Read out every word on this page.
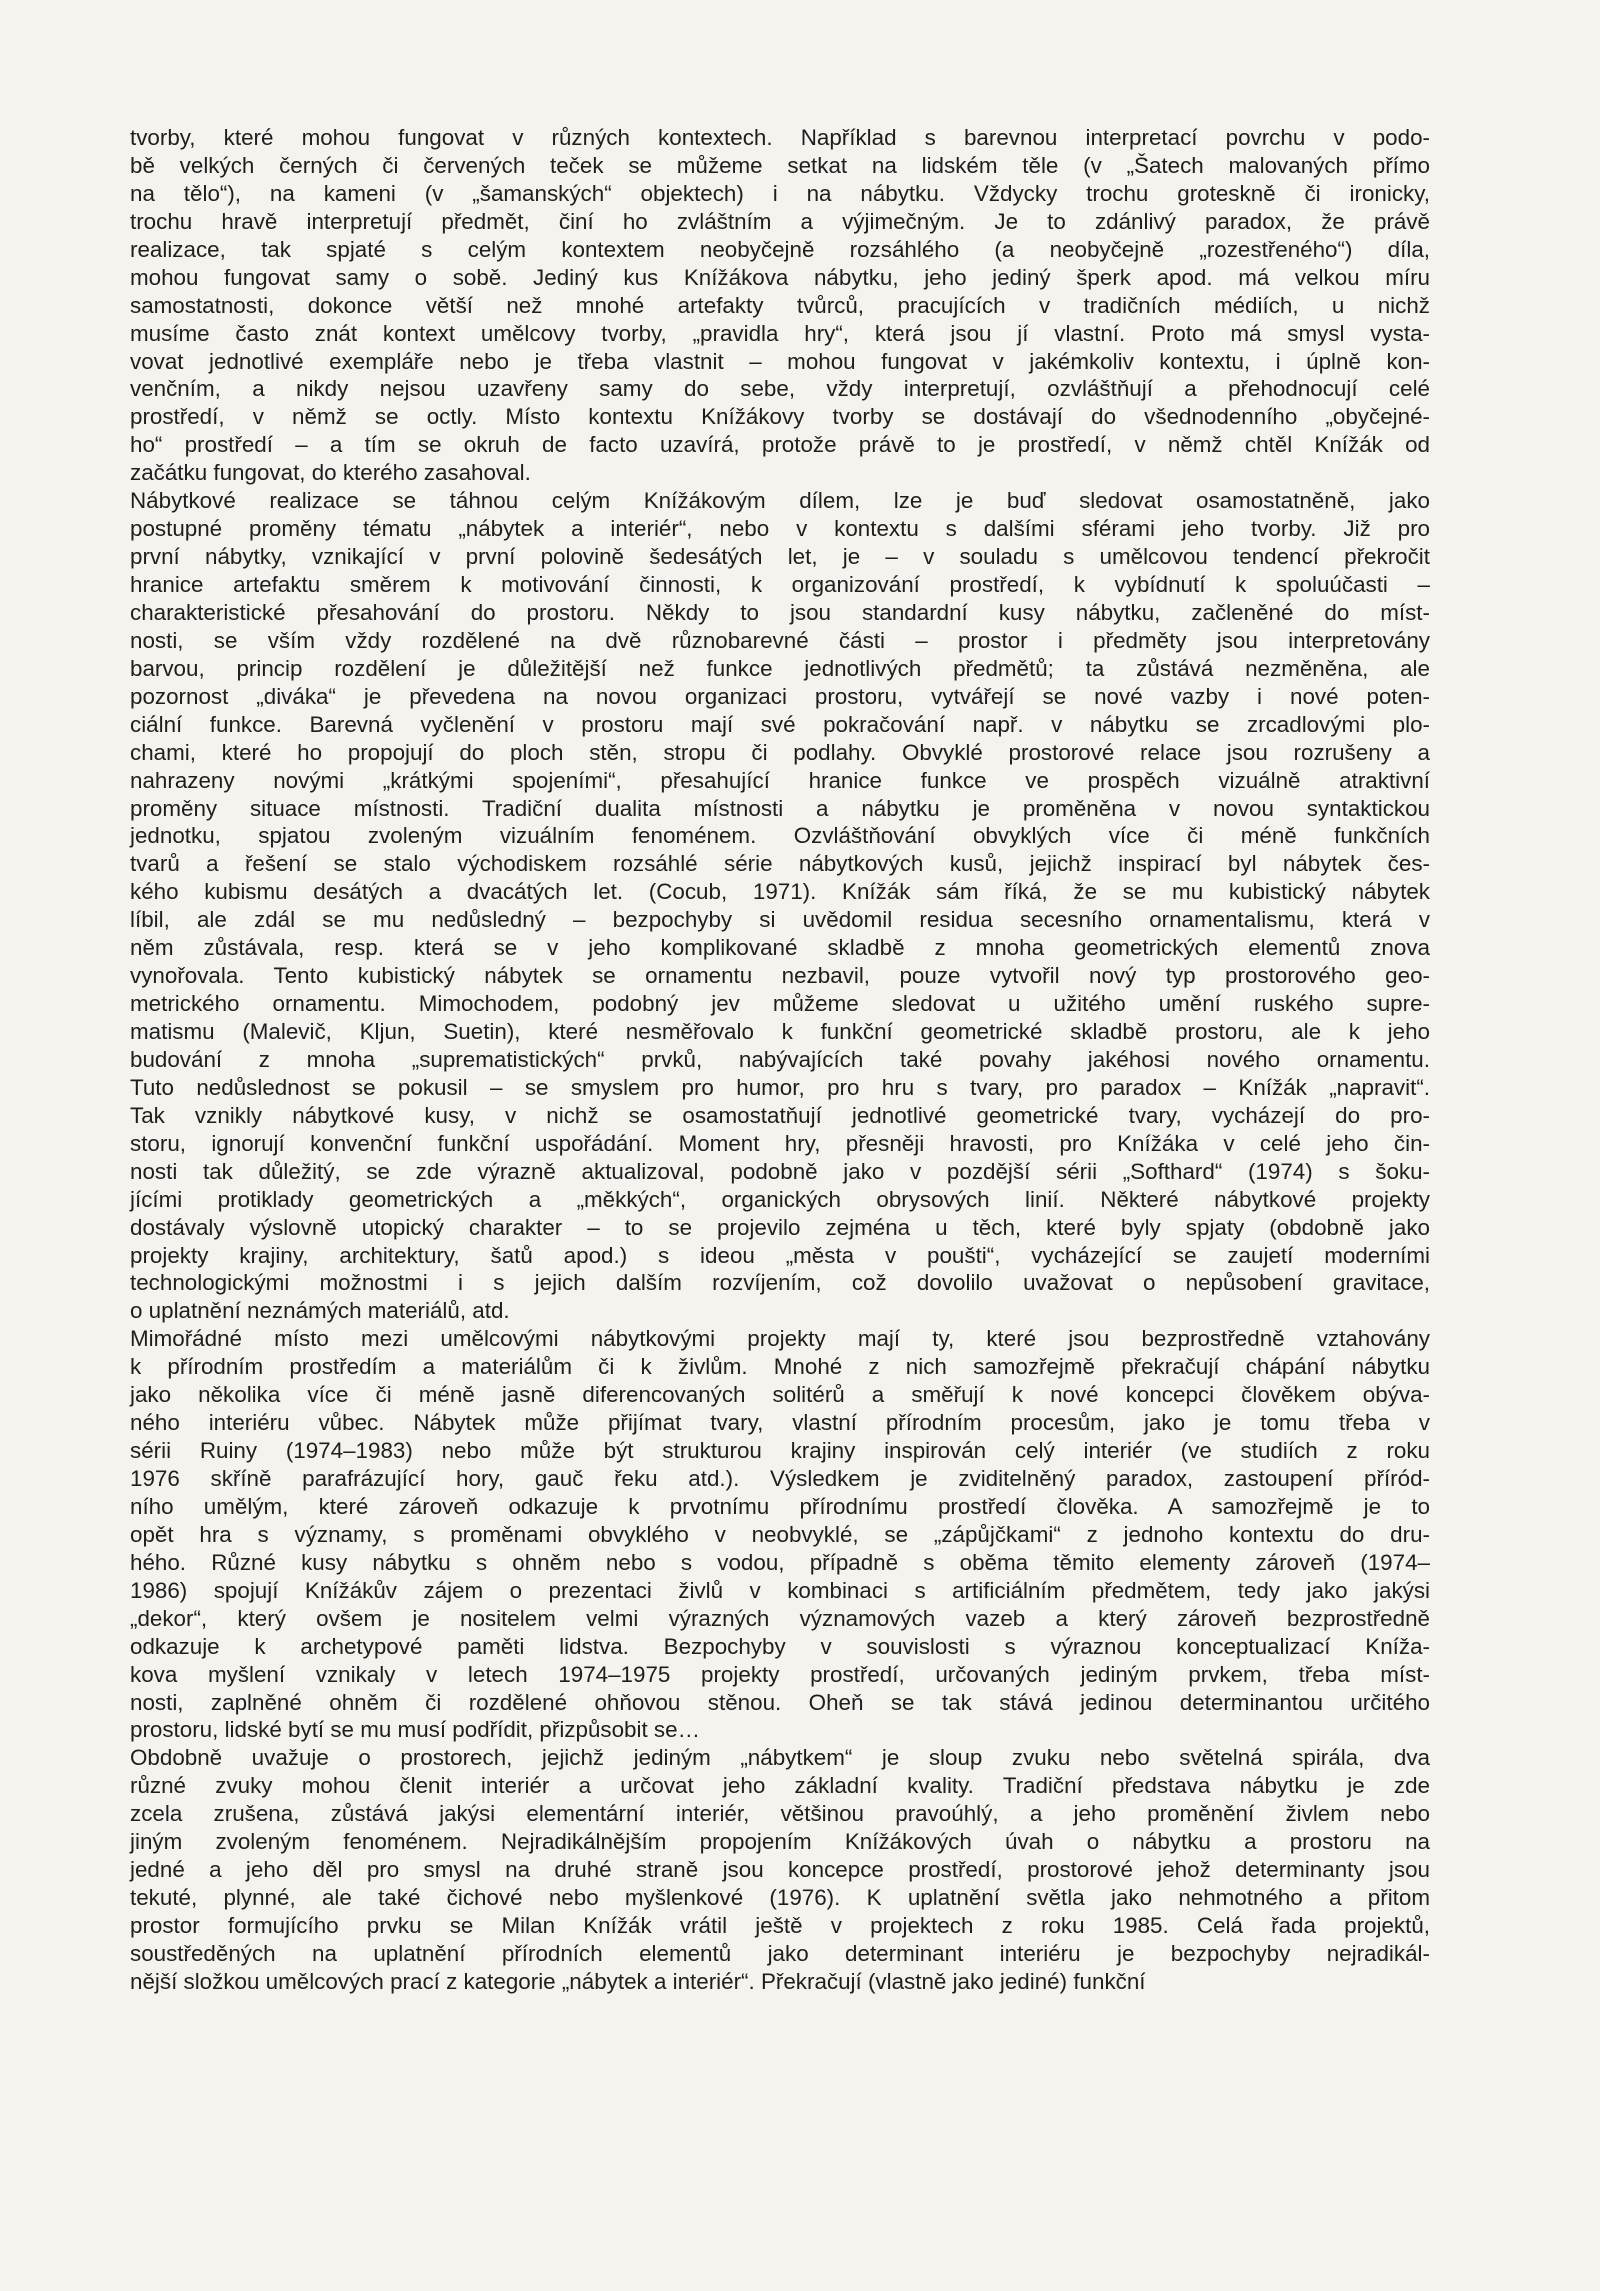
tvorby, které mohou fungovat v různých kontextech. Například s barevnou interpretací povrchu v podo-
bě velkých černých či červených teček se můžeme setkat na lidském těle (v „Šatech malovaných přímo
na tělo“), na kameni (v „šamanských“ objektech) i na nábytku. Vždycky trochu groteskně či ironicky,
trochu hravě interpretují předmět, činí ho zvláštním a výjimečným. Je to zdánlivý paradox, že právě
realizace, tak spjaté s celým kontextem neobyčejně rozsáhlého (a neobyčejně „rozestřeného“) díla,
mohou fungovat samy o sobě. Jediný kus Knížákova nábytku, jeho jediný šperk apod. má velkou míru
samostatnosti, dokonce větší než mnohé artefakty tvůrců, pracujících v tradičních médiích, u nichž
musíme často znát kontext umělcovy tvorby, „pravidla hry“, která jsou jí vlastní. Proto má smysl vysta-
vovat jednotlivé exempláře nebo je třeba vlastnit – mohou fungovat v jakémkoliv kontextu, i úplně kon-
venčním, a nikdy nejsou uzavřeny samy do sebe, vždy interpretují, ozvláštňují a přehodnocují celé
prostředí, v němž se octly. Místo kontextu Knížákovy tvorby se dostávají do všednodenního „obyčejné-
ho“ prostředí – a tím se okruh de facto uzavírá, protože právě to je prostředí, v němž chtěl Knížák od
začátku fungovat, do kterého zasahoval.
Nábytkové realizace se táhnou celým Knížákovým dílem, lze je buď sledovat osamostatněně, jako
postupné proměny tématu „nábytek a interiér“, nebo v kontextu s dalšími sférami jeho tvorby. Již pro
první nábytky, vznikající v první polovině šedesátých let, je – v souladu s umělcovou tendencí překročit
hranice artefaktu směrem k motivování činnosti, k organizování prostředí, k vybídnutí k spoluúčasti –
charakteristické přesahování do prostoru. Někdy to jsou standardní kusy nábytku, začleněné do míst-
nosti, se vším vždy rozdělené na dvě různobarevné části – prostor i předměty jsou interpretovány
barvou, princip rozdělení je důležitější než funkce jednotlivých předmětů; ta zůstává nezměněna, ale
pozornost „diváka“ je převedena na novou organizaci prostoru, vytvářejí se nové vazby i nové poten-
ciální funkce. Barevná vyčlenění v prostoru mají své pokračování např. v nábytku se zrcadlovými plo-
chami, které ho propojují do ploch stěn, stropu či podlahy. Obvyklé prostorové relace jsou rozrušeny a
nahrazeny novými „krátkými spojeními“, přesahující hranice funkce ve prospěch vizuálně atraktivní
proměny situace místnosti. Tradiční dualita místnosti a nábytku je proměněna v novou syntaktickou
jednotku, spjatou zvoleným vizuálním fenoménem. Ozvláštňování obvyklých více či méně funkčních
tvarů a řešení se stalo východiskem rozsáhlé série nábytkových kusů, jejichž inspirací byl nábytek čes-
kého kubismu desátých a dvacátých let. (Cocub, 1971). Knížák sám říká, že se mu kubistický nábytek
líbil, ale zdál se mu nedůsledný – bezpochyby si uvědomil residua secesního ornamentalismu, která v
něm zůstávala, resp. která se v jeho komplikované skladbě z mnoha geometrických elementů znova
vynořovala. Tento kubistický nábytek se ornamentu nezbavil, pouze vytvořil nový typ prostorového geo-
metrického ornamentu. Mimochodem, podobný jev můžeme sledovat u užitého umění ruského supre-
matismu (Malevič, Kljun, Suetin), které nesměřovalo k funkční geometrické skladbě prostoru, ale k jeho
budování z mnoha „suprematistických“ prvků, nabývajících také povahy jakéhosi nového ornamentu.
Tuto nedůslednost se pokusil – se smyslem pro humor, pro hru s tvary, pro paradox – Knížák „napravit“.
Tak vznikly nábytkové kusy, v nichž se osamostatňují jednotlivé geometrické tvary, vycházejí do pro-
storu, ignorují konvenční funkční uspořádání. Moment hry, přesněji hravosti, pro Knížáka v celé jeho čin-
nosti tak důležitý, se zde výrazně aktualizoval, podobně jako v pozdější sérii „Softhard“ (1974) s šoku-
jícími protiklady geometrických a „měkkých“, organických obrysových linií. Některé nábytkové projekty
dostávaly výslovně utopický charakter – to se projevilo zejména u těch, které byly spjaty (obdobně jako
projekty krajiny, architektury, šatů apod.) s ideou „města v poušti“, vycházející se zaujetí moderními
technologickými možnostmi i s jejich dalším rozvíjením, což dovolilo uvažovat o nepůsobení gravitace,
o uplatnění neznámých materiálů, atd.
Mimořádné místo mezi umělcovými nábytkovými projekty mají ty, které jsou bezprostředně vztahovány
k přírodním prostředím a materiálům či k živlům. Mnohé z nich samozřejmě překračují chápání nábytku
jako několika více či méně jasně diferencovaných solitérů a směřují k nové koncepci člověkem obýva-
ného interiéru vůbec. Nábytek může přijímat tvary, vlastní přírodním procesům, jako je tomu třeba v
sérii Ruiny (1974–1983) nebo může být strukturou krajiny inspirován celý interiér (ve studiích z roku
1976 skříně parafrázující hory, gauč řeku atd.). Výsledkem je zviditelněný paradox, zastoupení příród-
ního umělým, které zároveň odkazuje k prvotnímu přírodnímu prostředí člověka. A samozřejmě je to
opět hra s významy, s proměnami obvyklého v neobvyklé, se „zápůjčkami“ z jednoho kontextu do dru-
hého. Různé kusy nábytku s ohněm nebo s vodou, případně s oběma těmito elementy zároveň (1974–
1986) spojují Knížákův zájem o prezentaci živlů v kombinaci s artificiálním předmětem, tedy jako jakýsi
„dekor“, který ovšem je nositelem velmi výrazných významových vazeb a který zároveň bezprostředně
odkazuje k archetypové paměti lidstva. Bezpochyby v souvislosti s výraznou konceptualizací Kníža-
kova myšlení vznikaly v letech 1974–1975 projekty prostředí, určovaných jediným prvkem, třeba míst-
nosti, zaplněné ohněm či rozdělené ohňovou stěnou. Oheň se tak stává jedinou determinantou určitého
prostoru, lidské bytí se mu musí podřídit, přizpůsobit se…
Obdobně uvažuje o prostorech, jejichž jediným „nábytkem“ je sloup zvuku nebo světelná spirála, dva
různé zvuky mohou členit interiér a určovat jeho základní kvality. Tradiční představa nábytku je zde
zcela zrušena, zůstává jakýsi elementární interiér, většinou pravoúhlý, a jeho proměnění živlem nebo
jiným zvoleným fenoménem. Nejradikálnějším propojením Knížákových úvah o nábytku a prostoru na
jedné a jeho děl pro smysl na druhé straně jsou koncepce prostředí, prostorové jehož determinanty jsou
tekuté, plynné, ale také čichové nebo myšlenkové (1976). K uplatnění světla jako nehmotného a přitom
prostor formujícího prvku se Milan Knížák vrátil ještě v projektech z roku 1985. Celá řada projektů,
soustředěných na uplatnění přírodních elementů jako determinant interiéru je bezpochyby nejradikál-
nější složkou umělcových prací z kategorie „nábytek a interiér“. Překračují (vlastně jako jediné) funkční
